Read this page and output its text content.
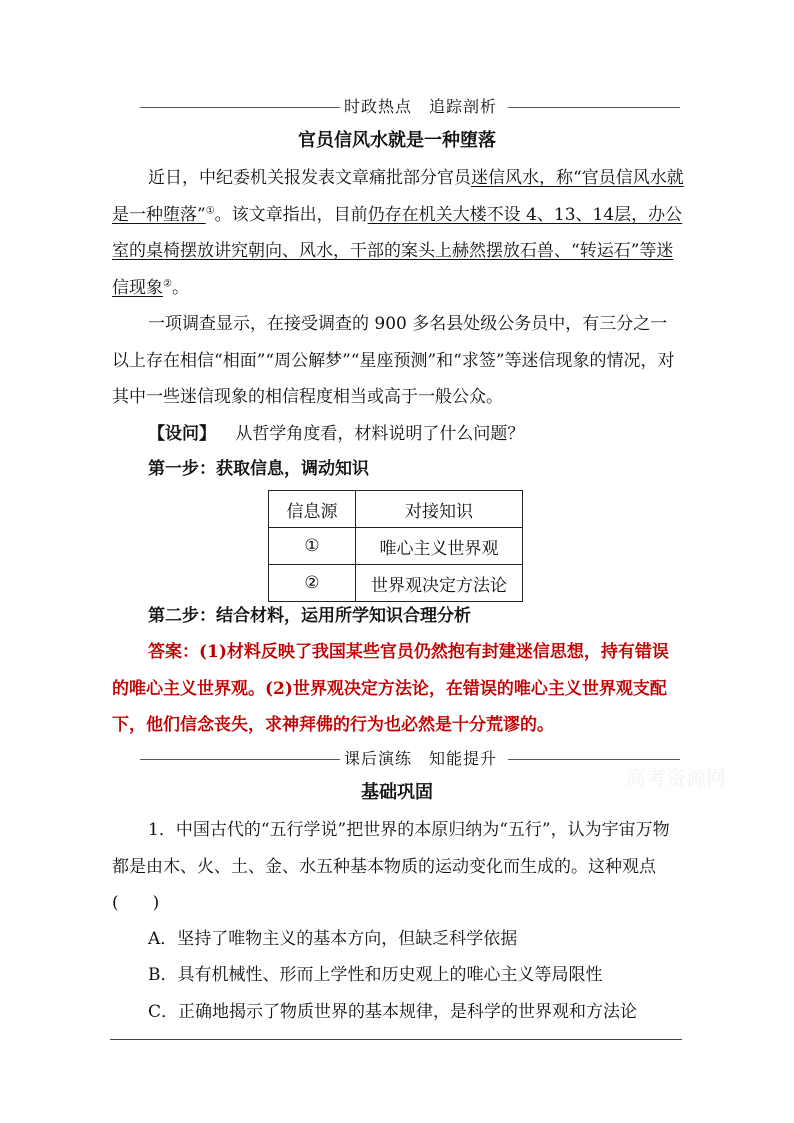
时政热点　追踪剖析
官员信风水就是一种堕落

近日，中纪委机关报发表文章痛批部分官员迷信风水，称“官员信风水就是一种堕落”①。该文章指出，目前仍存在机关大楼不设 4、13、14层，办公室的桌椅摆放讲究朝向、风水，干部的案头上赫然摆放石兽、“转运石”等迷信现象②。

一项调查显示，在接受调查的 900 多名县处级公务员中，有三分之一以上存在相信“相面”“周公解梦”“星座预测”和“求签”等迷信现象的情况，对其中一些迷信现象的相信程度相当或高于一般公众。

【设问】 从哲学角度看，材料说明了什么问题？
第一步：获取信息，调动知识
信息源	对接知识
①	唯心主义世界观
②	世界观决定方法论
第二步：结合材料，运用所学知识合理分析

答案：(1)材料反映了我国某些官员仍然抱有封建迷信思想，持有错误的唯心主义世界观。(2)世界观决定方法论，在错误的唯心主义世界观支配下，他们信念丧失，求神拜佛的行为也必然是十分荒谬的。

课后演练　知能提升
高考资源网
基础巩固

1．中国古代的“五行学说”把世界的本原归纳为“五行”，认为宇宙万物都是由木、火、土、金、水五种基本物质的运动变化而生成的。这种观点(　　)

A．坚持了唯物主义的基本方向，但缺乏科学依据
B．具有机械性、形而上学性和历史观上的唯心主义等局限性
C．正确地揭示了物质世界的基本规律，是科学的世界观和方法论
